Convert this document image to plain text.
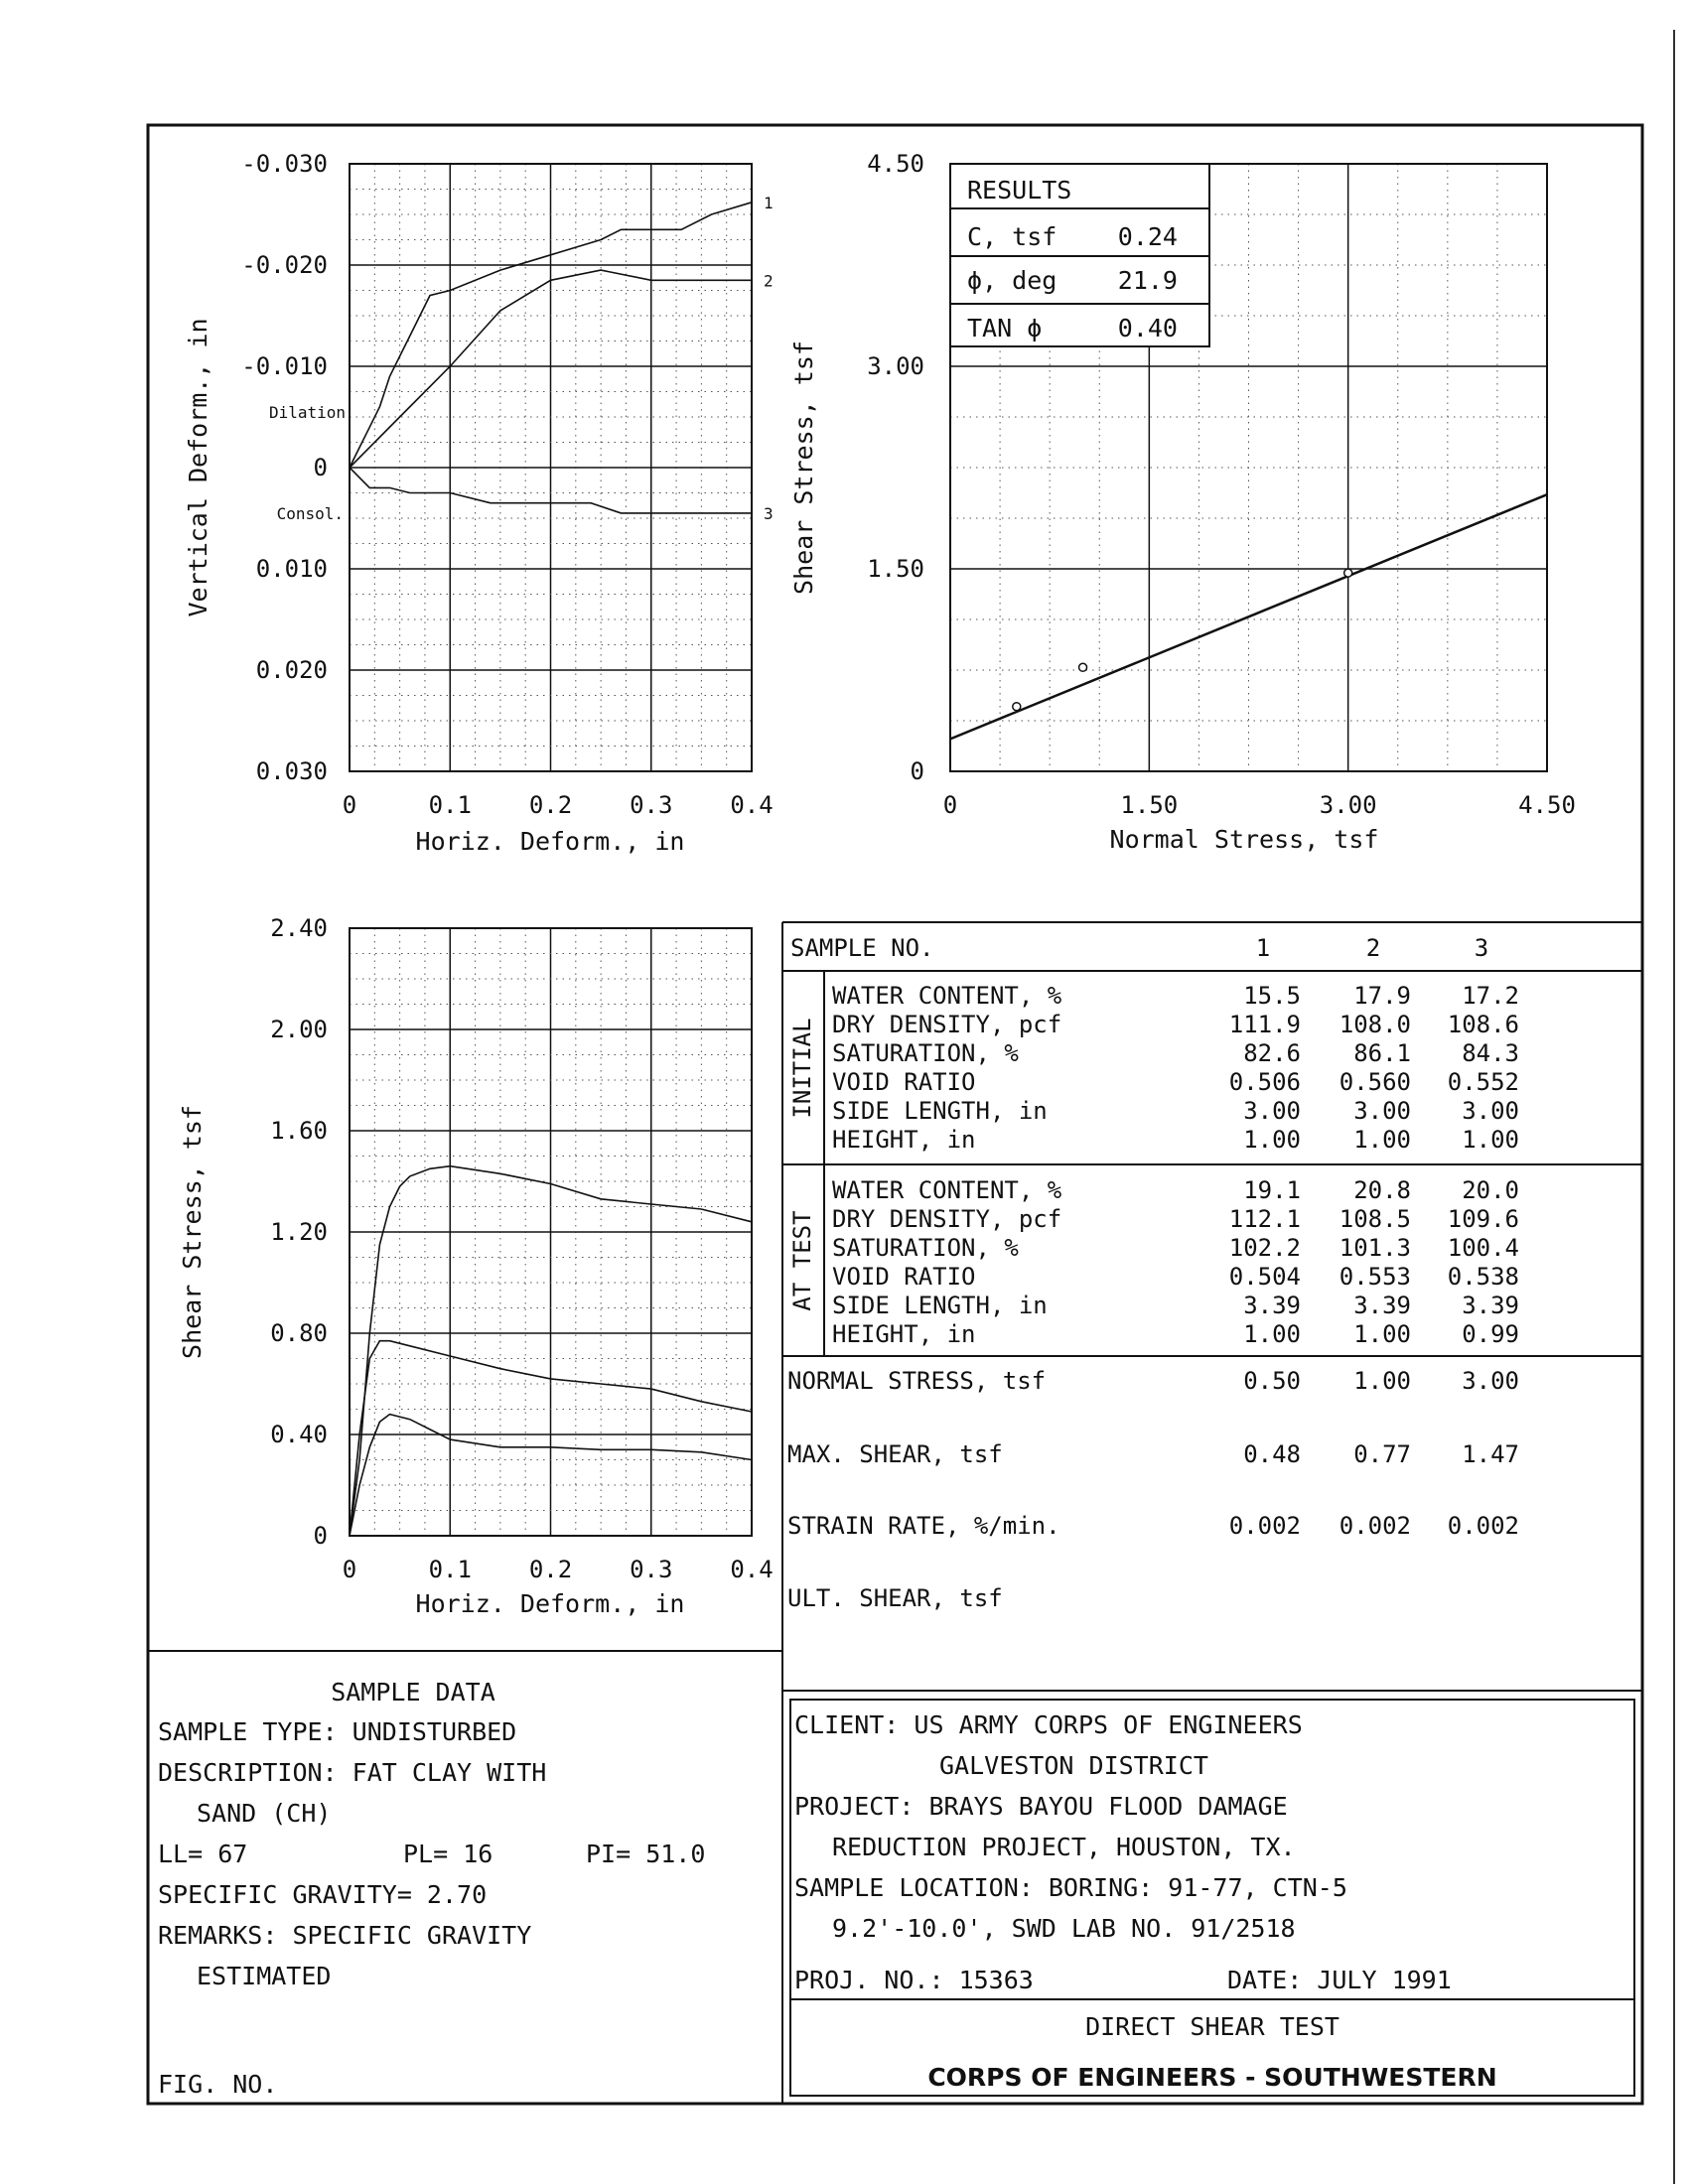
1
2
3
0	0.1 0.2 0.3 0.4
-0.030
-0.020
-0.010
0
0.010
0.020
0.030
Horiz. Deform., in
Vertical Deform., in	Dilation
Consol.
0	1.50	3.00	4.50
0
1.50
3.00
4.50
Normal Stress, tsf
Shear Stress, tsf
RESULTS
C, tsf 0.24
ϕ, deg 21.9
TAN ϕ	0.40
0	0.1 0.2 0.3 0.4
0
0.40
0.80
1.20
1.60
2.00
2.40
Horiz. Deform., in
Shear Stress, tsf
SAMPLE NO.	1	2	3
INITIAL
AT TEST
WATER CONTENT, %	15.5 17.9 17.2
DRY DENSITY, pcf	111.9 108.0 108.6
SATURATION, %	82.6 86.1 84.3
VOID RATIO	0.506 0.560 0.552
SIDE LENGTH, in	3.00 3.00 3.00
HEIGHT, in	1.00 1.00 1.00
WATER CONTENT, %	19.1 20.8 20.0
DRY DENSITY, pcf	112.1 108.5 109.6
SATURATION, %	102.2 101.3 100.4
VOID RATIO	0.504 0.553 0.538
SIDE LENGTH, in	3.39 3.39 3.39
HEIGHT, in	1.00 1.00 0.99
NORMAL STRESS, tsf	0.50 1.00 3.00
MAX. SHEAR, tsf	0.48 0.77 1.47
STRAIN RATE, %/min.	0.002 0.002 0.002
ULT. SHEAR, tsf
SAMPLE DATA
SAMPLE TYPE: UNDISTURBED
DESCRIPTION: FAT CLAY WITH
SAND (CH)
LL= 67	PL= 16	PI= 51.0
SPECIFIC GRAVITY= 2.70
REMARKS: SPECIFIC GRAVITY
ESTIMATED
FIG. NO.
CLIENT: US ARMY CORPS OF ENGINEERS
GALVESTON DISTRICT
PROJECT: BRAYS BAYOU FLOOD DAMAGE
REDUCTION PROJECT, HOUSTON, TX.
SAMPLE LOCATION: BORING: 91-77, CTN-5
9.2'-10.0', SWD LAB NO. 91/2518
PROJ. NO.: 15363	DATE: JULY 1991
DIRECT SHEAR TEST
CORPS OF ENGINEERS - SOUTHWESTERN
